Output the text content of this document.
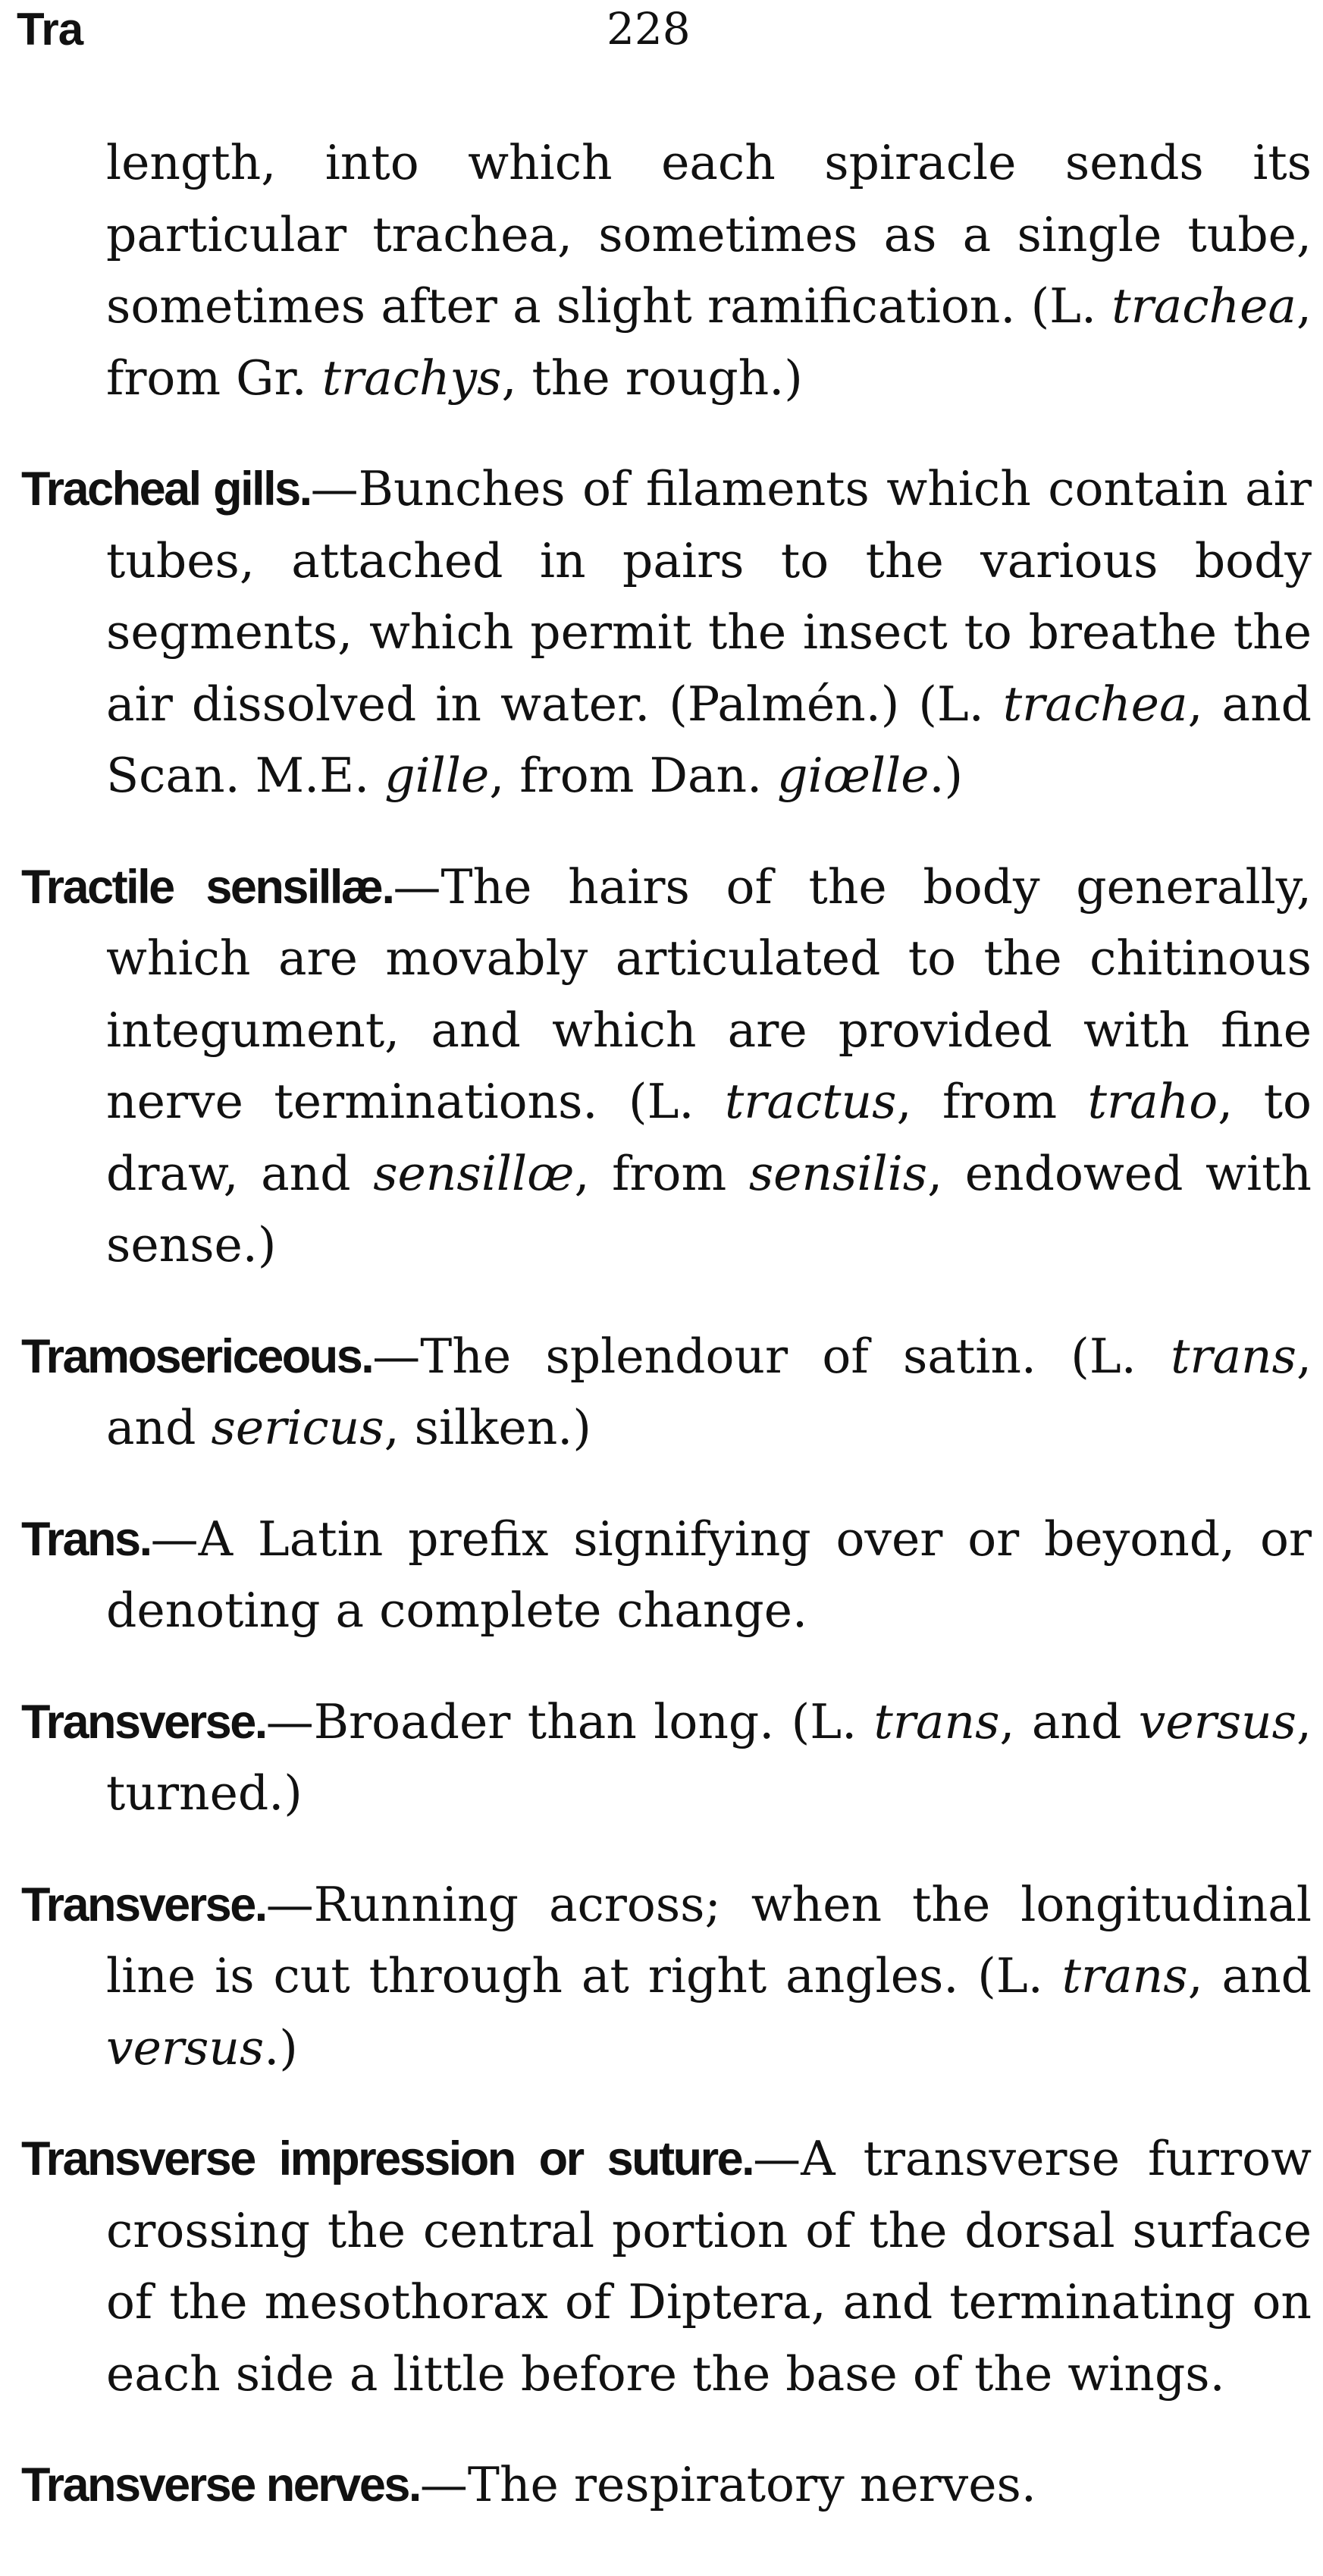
Tra	228

length, into which each spiracle sends its particular trachea, sometimes as a single tube, sometimes after a slight ramification. (L. trachea, from Gr. trachys, the rough.)

Tracheal gills.—Bunches of filaments which contain air tubes, attached in pairs to the various body segments, which permit the insect to breathe the air dissolved in water. (Palmén.) (L. trachea, and Scan. M.E. gille, from Dan. giœlle.)

Tractile sensillæ.—The hairs of the body generally, which are movably articulated to the chitinous integument, and which are provided with fine nerve terminations. (L. tractus, from traho, to draw, and sensillœ, from sensilis, endowed with sense.)

Tramosericeous.—The splendour of satin. (L. trans, and sericus, silken.)

Trans.—A Latin prefix signifying over or beyond, or denoting a complete change.

Transverse.—Broader than long. (L. trans, and versus, turned.)

Transverse.—Running across; when the longitudinal line is cut through at right angles. (L. trans, and versus.)

Transverse impression or suture.—A transverse furrow crossing the central portion of the dorsal surface of the mesothorax of Diptera, and terminating on each side a little before the base of the wings.

Transverse nerves.—The respiratory nerves.
